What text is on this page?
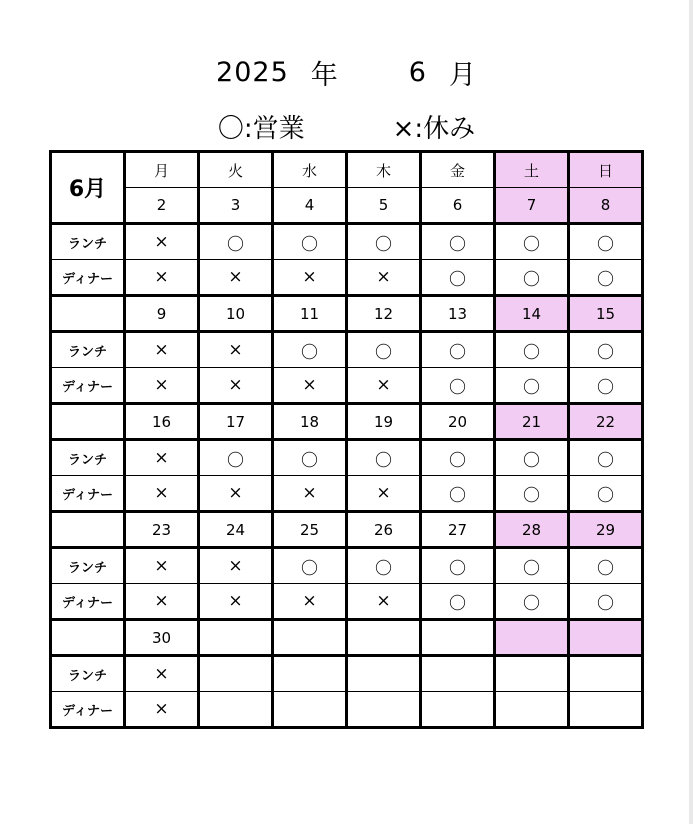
2025 年	6 月
〇:営業	×:休み
6月	月	火	水	木	金	土	日
	2	3	4	5	6	7	8
ランチ	×	〇	〇	〇	〇	〇	〇
ディナー	×	×	×	×	〇	〇	〇
	9	10	11	12	13	14	15
ランチ	×	×	〇	〇	〇	〇	〇
ディナー	×	×	×	×	〇	〇	〇
	16	17	18	19	20	21	22
ランチ	×	〇	〇	〇	〇	〇	〇
ディナー	×	×	×	×	〇	〇	〇
	23	24	25	26	27	28	29
ランチ	×	×	〇	〇	〇	〇	〇
ディナー	×	×	×	×	〇	〇	〇
	30						
ランチ	×						
ディナー	×						
